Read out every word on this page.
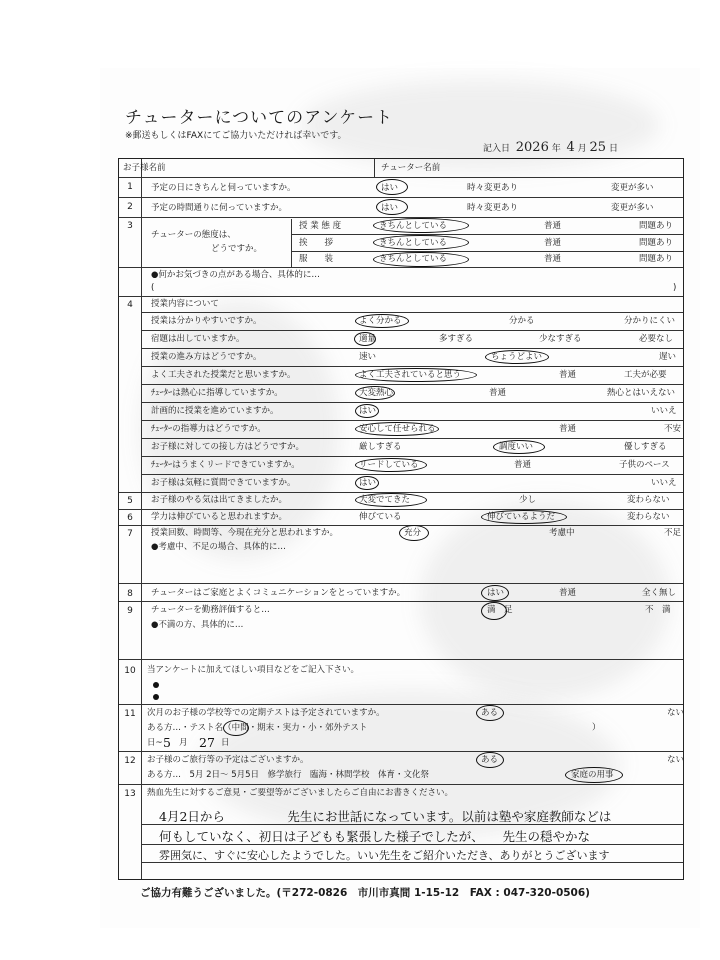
チューターについてのアンケート
※郵送もしくはFAXにてご協力いただければ幸いです。
記入日 2026 年 4 月 25 日
お子様名前	チューター名前
1	予定の日にきちんと伺っていますか。	はい	時々変更あり	変更が多い
2	予定の時間通りに伺っていますか。	はい	時々変更あり	変更が多い
3
チューターの態度は、
どうですか。
授 業 態 度	きちんとしている	普通	問題あり
挨　　拶	きちんとしている	普通	問題あり
服　　装	きちんとしている	普通	問題あり
●何かお気づきの点がある場合、具体的に…
(	)
4	授業内容について
授業は分かりやすいですか。	よく分かる	分かる	分かりにくい
宿題は出していますか。	適量	多すぎる	少なすぎる	必要なし
授業の進み方はどうですか。	速い	ちょうどよい	遅い
よく工夫された授業だと思いますか。	よく工夫されていると思う	普通	工夫が必要
ﾁｭｰﾀｰは熱心に指導していますか。	大変熱心	普通	熱心とはいえない
計画的に授業を進めていますか。	はい	いいえ
ﾁｭｰﾀｰの指導力はどうですか。	安心して任せられる	普通	不安
お子様に対しての接し方はどうですか。	厳しすぎる	調度いい	優しすぎる
ﾁｭｰﾀｰはうまくリードできていますか。	リードしている	普通	子供のペース
お子様は気軽に質問できていますか。	はい	いいえ
5	お子様のやる気は出てきましたか。	大変でてきた	少し	変わらない
6	学力は伸びていると思われますか。	伸びている	伸びているようだ	変わらない
7	授業回数、時間等、今現在充分と思われますか。	充分	考慮中	不足
●考慮中、不足の場合、具体的に…
8	チューターはご家庭とよくコミュニケーションをとっていますか。	はい	普通	全く無し
9	チューターを勤務評価すると…	満　足	不　満
●不満の方、具体的に…
10	当アンケートに加えてほしい項目などをご記入下さい。
11	次月のお子様の学校等での定期テストは予定されていますか。	ある	ない
ある方…・テスト名（中間・期末・実力・小・郊外テスト	）
日~ 5 月 27 日
12	お子様のご旅行等の予定はございますか。	ある	ない
ある方…　5月 2日～ 5月5日　修学旅行　臨海・林間学校　体育・文化祭	家庭の用事
13	熱血先生に対するご意見・ご要望等がございましたらご自由にお書きください。
4月2日から　　　　　先生にお世話になっています。以前は塾や家庭教師などは
何もしていなく、初日は子どもも緊張した様子でしたが、　　先生の穏やかな
雰囲気に、すぐに安心したようでした。いい先生をご紹介いただき、ありがとうございます
ご協力有難うございました。(〒272-0826　市川市真間 1-15-12　FAX : 047-320-0506)
